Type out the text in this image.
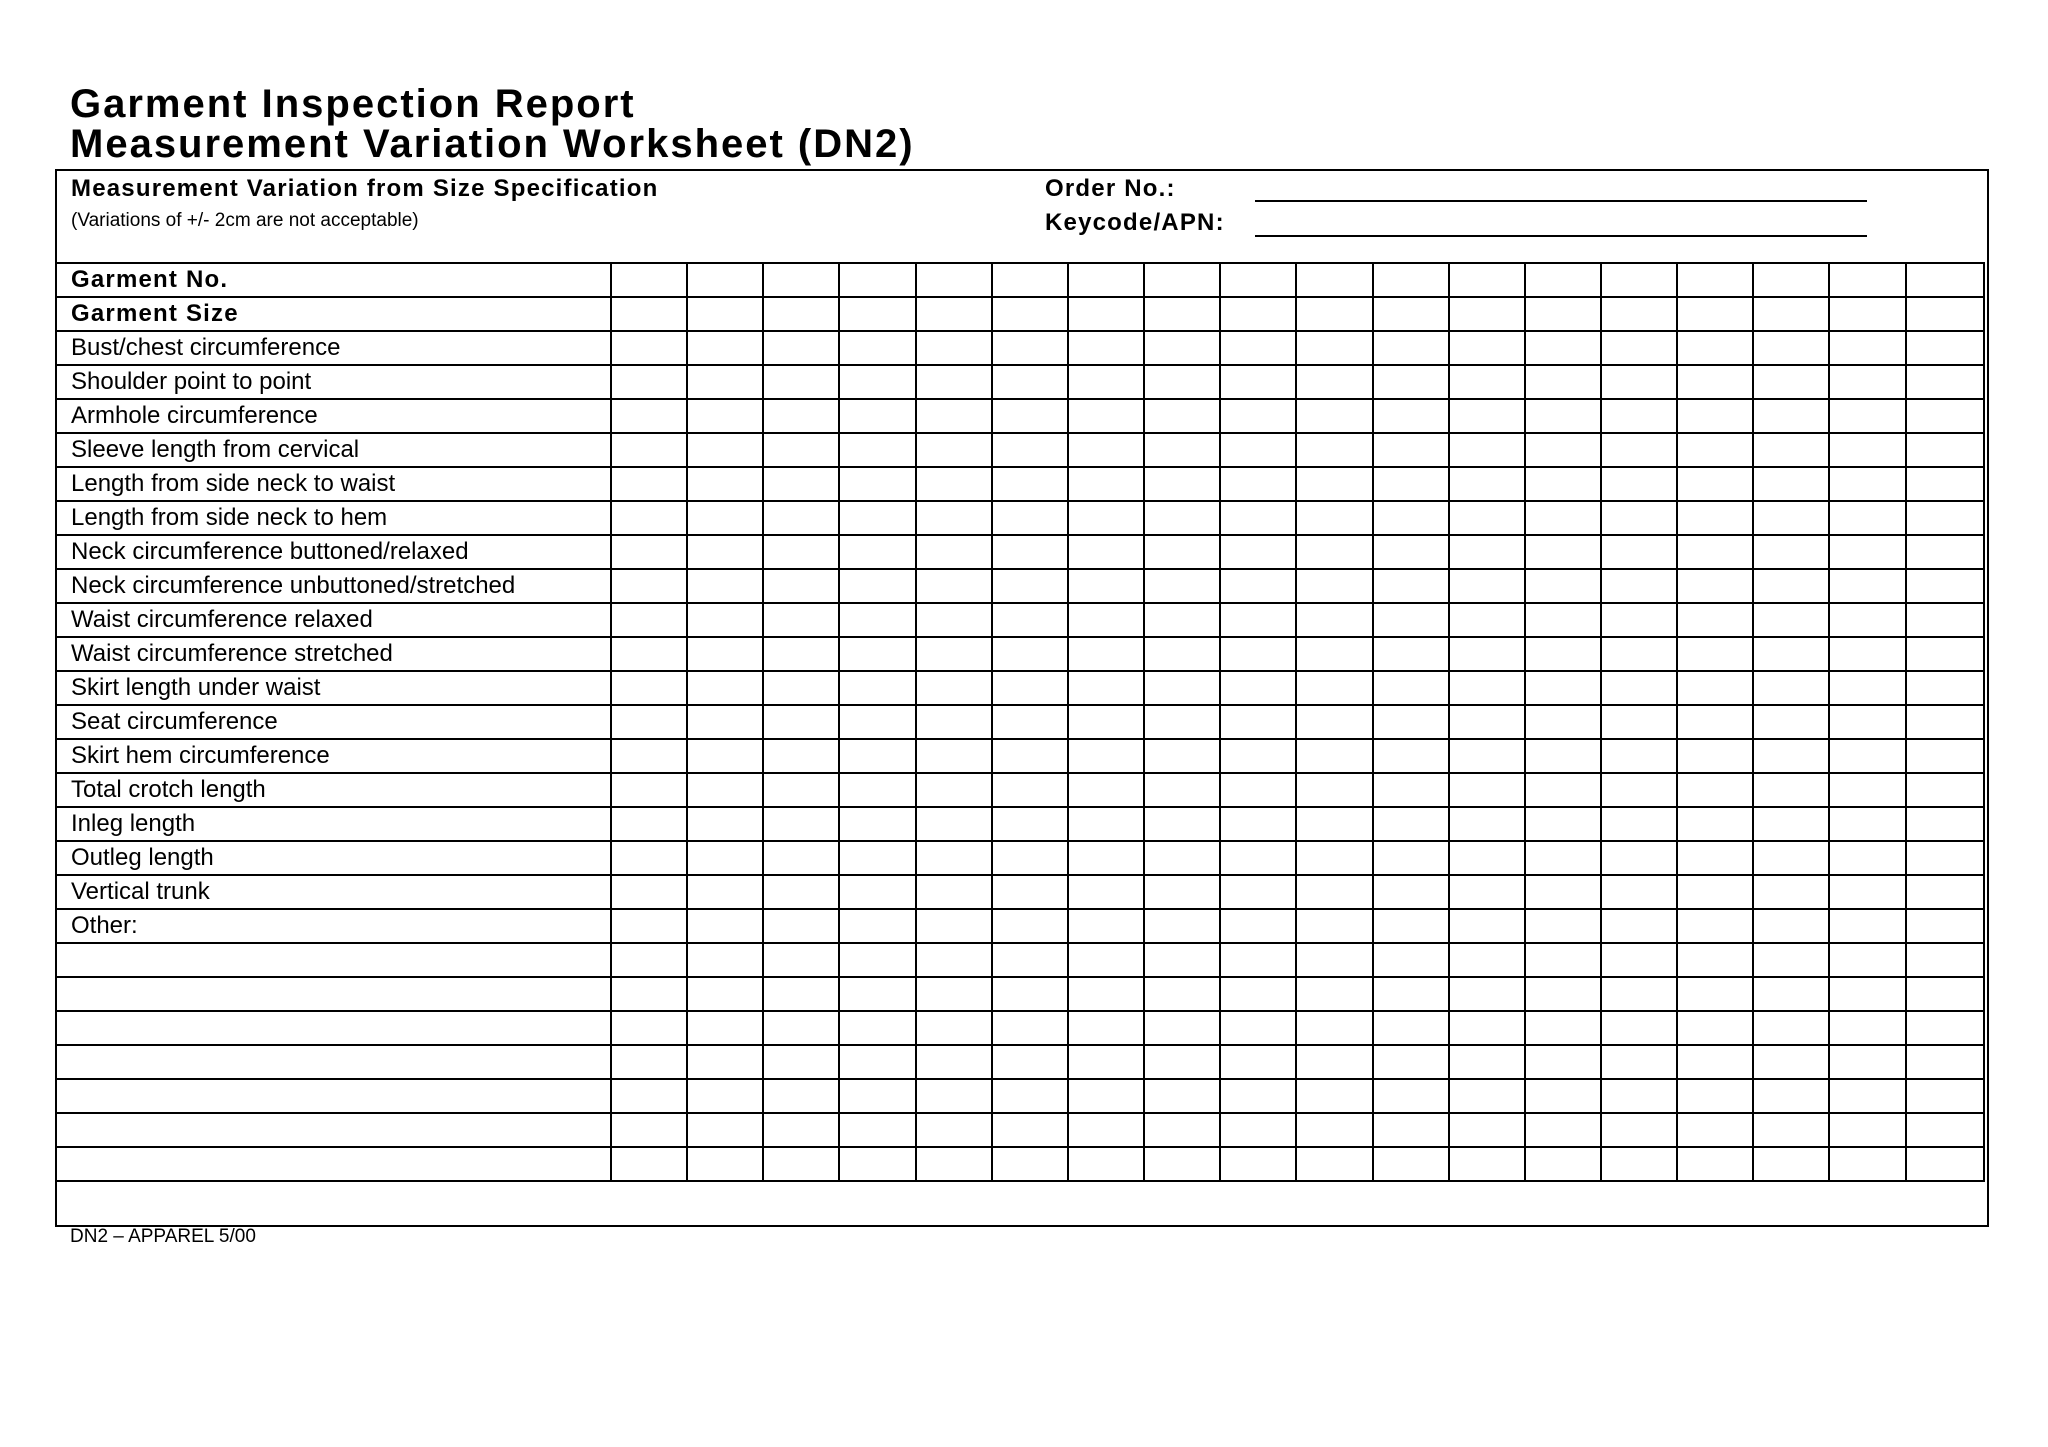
Garment Inspection Report

Measurement Variation Worksheet (DN2)

Measurement Variation from Size Specification
(Variations of +/- 2cm are not acceptable)
Order No.:
Keycode/APN:
Garment No.																		
Garment Size																		
Bust/chest circumference																		
Shoulder point to point																		
Armhole circumference																		
Sleeve length from cervical																		
Length from side neck to waist																		
Length from side neck to hem																		
Neck circumference buttoned/relaxed																		
Neck circumference unbuttoned/stretched																		
Waist circumference relaxed																		
Waist circumference stretched																		
Skirt length under waist																		
Seat circumference																		
Skirt hem circumference																		
Total crotch length																		
Inleg length																		
Outleg length																		
Vertical trunk																		
Other:																		

DN2 – APPAREL 5/00
